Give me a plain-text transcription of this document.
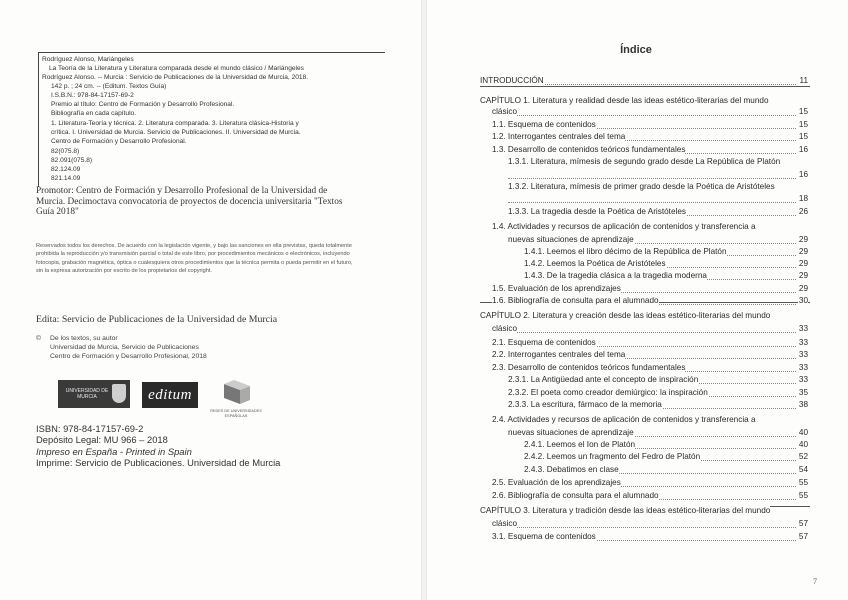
Rodríguez Alonso, Mariángeles
La Teoría de la Literatura y Literatura comparada desde el mundo clásico / Mariángeles
Rodríguez Alonso. -- Murcia : Servicio de Publicaciones de la Universidad de Murcia, 2018.
142 p. ; 24 cm. -- (Editum. Textos Guía)
I.S.B.N.: 978-84-17157-69-2
Premio al título: Centro de Formación y Desarrollo Profesional.
Bibliografía en cada capítulo.
1. Literatura-Teoría y técnica. 2. Literatura comparada. 3. Literatura clásica-Historia y
crítica. I. Universidad de Murcia. Servicio de Publicaciones. II. Universidad de Murcia.
Centro de Formación y Desarrollo Profesional.
82(075.8)
82.091(075.8)
82.124.09
821.14.09
Promotor: Centro de Formación y Desarrollo Profesional de la Universidad de Murcia. Decimoctava convocatoria de proyectos de docencia universitaria "Textos Guía 2018"
Reservados todos los derechos. De acuerdo con la legislación vigente, y bajo las sanciones en ella previstas, queda totalmente prohibida la reproducción y/o transmisión parcial o total de este libro, por procedimientos mecánicos o electrónicos, incluyendo fotocopia, grabación magnética, óptica o cualesquiera otros procedimientos que la técnica permita o pueda permitir en el futuro, sin la expresa autorización por escrito de los propietarios del copyright.
Edita: Servicio de Publicaciones de la Universidad de Murcia
© De los textos, su autor
Universidad de Murcia, Servicio de Publicaciones
Centro de Formación y Desarrollo Profesional, 2018
UNIVERSIDAD DE MURCIA	editum
REDES DE UNIVERSIDADES ESPAÑOLAS
ISBN: 978-84-17157-69-2
Depósito Legal: MU 966 – 2018
Impreso en España - Printed in Spain
Imprime: Servicio de Publicaciones. Universidad de Murcia
Índice
INTRODUCCIÓN	11
CAPÍTULO 1. Literatura y realidad desde las ideas estético-literarias del mundo
clásico	15
1.1. Esquema de contenidos	15
1.2. Interrogantes centrales del tema	15
1.3. Desarrollo de contenidos teóricos fundamentales	16
1.3.1. Literatura, mímesis de segundo grado desde La República de Platón
16
1.3.2. Literatura, mímesis de primer grado desde la Poética de Aristóteles
18
1.3.3. La tragedia desde la Poética de Aristóteles	26
1.4. Actividades y recursos de aplicación de contenidos y transferencia a
nuevas situaciones de aprendizaje	29
1.4.1. Leemos el libro décimo de la República de Platón	29
1.4.2. Leemos la Poética de Aristóteles	29
1.4.3. De la tragedia clásica a la tragedia moderna	29
1.5. Evaluación de los aprendizajes	29
1.6. Bibliografía de consulta para el alumnado	30
CAPÍTULO 2. Literatura y creación desde las ideas estético-literarias del mundo
clásico	33
2.1. Esquema de contenidos	33
2.2. Interrogantes centrales del tema	33
2.3. Desarrollo de contenidos teóricos fundamentales	33
2.3.1. La Antigüedad ante el concepto de inspiración	33
2.3.2. El poeta como creador demiúrgico: la inspiración	35
2.3.3. La escritura, fármaco de la memoria	38
2.4. Actividades y recursos de aplicación de contenidos y transferencia a
nuevas situaciones de aprendizaje	40
2.4.1. Leemos el Ion de Platón	40
2.4.2. Leemos un fragmento del Fedro de Platón	52
2.4.3. Debatimos en clase	54
2.5. Evaluación de los aprendizajes	55
2.6. Bibliografía de consulta para el alumnado	55
CAPÍTULO 3. Literatura y tradición desde las ideas estético-literarias del mundo
clásico	57
3.1. Esquema de contenidos	57
7
